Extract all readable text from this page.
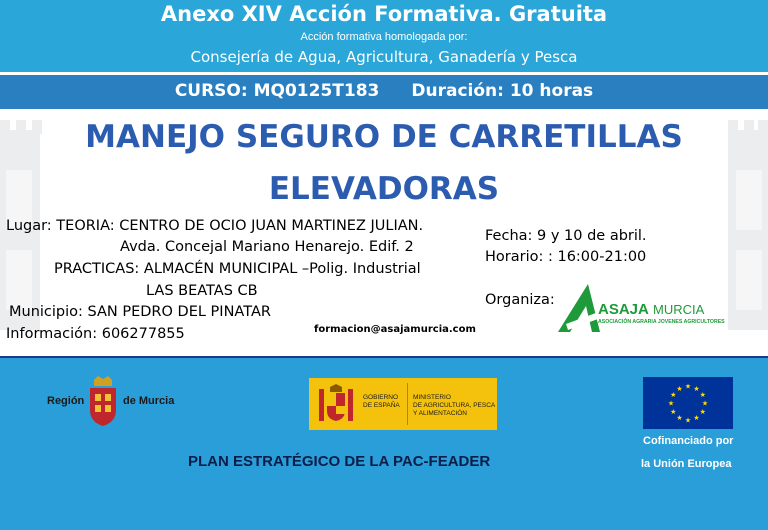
Anexo XIV Acción Formativa. Gratuita
Acción formativa homologada por:
Consejería de Agua, Agricultura, Ganadería y Pesca
CURSO: MQ0125T183 Duración: 10 horas
MANEJO SEGURO DE CARRETILLAS
ELEVADORAS
Lugar: TEORIA: CENTRO DE OCIO JUAN MARTINEZ JULIAN.
Avda. Concejal Mariano Henarejo. Edif. 2
PRACTICAS: ALMACÉN MUNICIPAL –Polig. Industrial
LAS BEATAS CB
Municipio: SAN PEDRO DEL PINATAR
Información: 606277855	formacion@asajamurcia.com
Fecha: 9 y 10 de abril.
Horario: : 16:00-21:00
Organiza:
ASAJA MURCIA
ASOCIACIÓN AGRARIA JOVENES AGRICULTORES
Región	de Murcia	GOBIERNO
DE ESPAÑA
MINISTERIO
DE AGRICULTURA, PESCA
Y ALIMENTACIÓN
★ ★
★
★
★
★
★
★
★
★
★
★
PLAN ESTRATÉGICO DE LA PAC-FEADER
Cofinanciado por
la Unión Europea
